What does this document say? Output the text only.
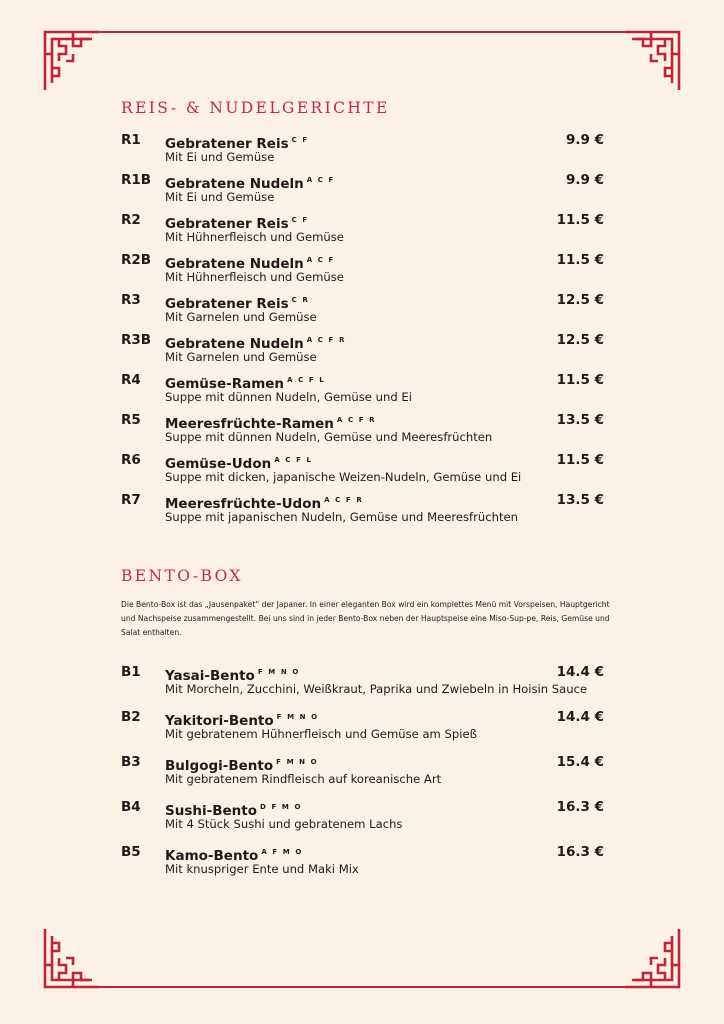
REIS- & NUDELGERICHTE
R1 Gebratener Reis $^{C F}$	9.9 €
Mit Ei und Gemüse
R1B Gebratene Nudeln $^{A C F}$	9.9 €
Mit Ei und Gemüse
R2 Gebratener Reis $^{C F}$	11.5 €
Mit Hühnerfleisch und Gemüse
R2B Gebratene Nudeln $^{A C F}$	11.5 €
Mit Hühnerfleisch und Gemüse
R3 Gebratener Reis $^{C R}$	12.5 €
Mit Garnelen und Gemüse
R3B Gebratene Nudeln $^{A C F R}$	12.5 €
Mit Garnelen und Gemüse
R4 Gemüse-Ramen $^{A C F L}$	11.5 €
Suppe mit dünnen Nudeln, Gemüse und Ei
R5 Meeresfrüchte-Ramen $^{A C F R}$	13.5 €
Suppe mit dünnen Nudeln, Gemüse und Meeresfrüchten
R6 Gemüse-Udon $^{A C F L}$	11.5 €
Suppe mit dicken, japanische Weizen-Nudeln, Gemüse und Ei
R7 Meeresfrüchte-Udon $^{A C F R}$	13.5 €
Suppe mit japanischen Nudeln, Gemüse und Meeresfrüchten
BENTO-BOX

Die Bento-Box ist das „Jausenpaket“ der Japaner. In einer eleganten Box wird ein komplettes Menü mit Vorspeisen, Hauptgericht und Nachspeise zusammengestellt. Bei uns sind in jeder Bento-Box neben der Hauptspeise eine Miso-Sup-pe, Reis, Gemüse und Salat enthalten.

B1 Yasai-Bento $^{F M N O}$	14.4 €
Mit Morcheln, Zucchini, Weißkraut, Paprika und Zwiebeln in Hoisin Sauce
B2 Yakitori-Bento $^{F M N O}$	14.4 €
Mit gebratenem Hühnerfleisch und Gemüse am Spieß
B3 Bulgogi-Bento $^{F M N O}$	15.4 €
Mit gebratenem Rindfleisch auf koreanische Art
B4 Sushi-Bento $^{D F M O}$	16.3 €
Mit 4 Stück Sushi und gebratenem Lachs
B5 Kamo-Bento $^{A F M O}$	16.3 €
Mit knuspriger Ente und Maki Mix
